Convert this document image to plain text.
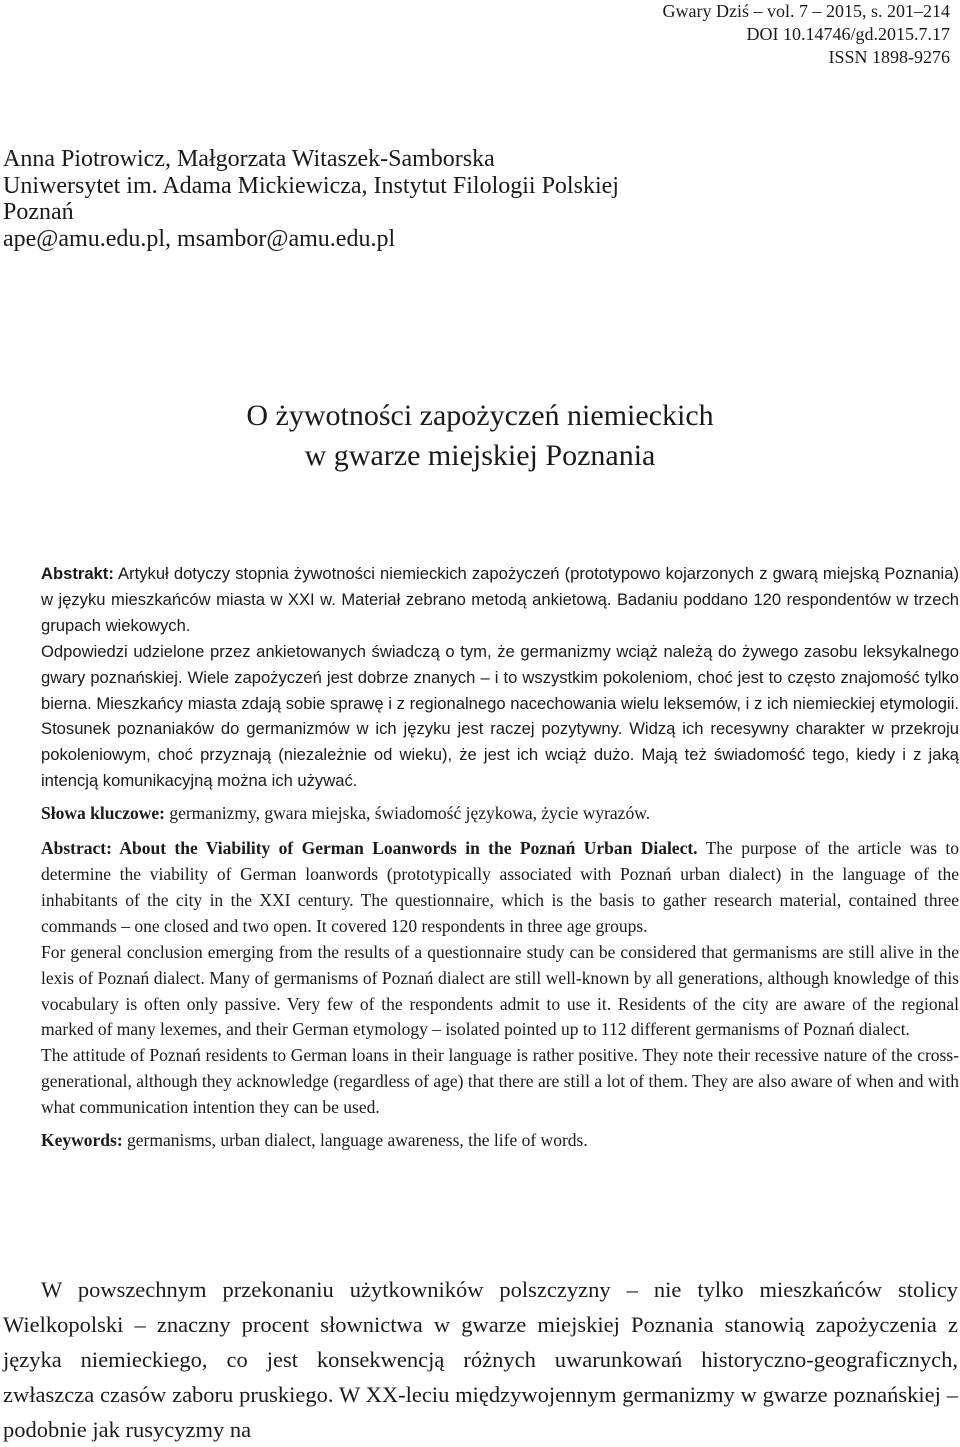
Gwary Dziś – vol. 7 – 2015, s. 201–214
DOI 10.14746/gd.2015.7.17
ISSN 1898-9276
Anna Piotrowicz, Małgorzata Witaszek-Samborska
Uniwersytet im. Adama Mickiewicza, Instytut Filologii Polskiej
Poznań
ape@amu.edu.pl, msambor@amu.edu.pl
O żywotności zapożyczeń niemieckich
w gwarze miejskiej Poznania

Abstrakt: Artykuł dotyczy stopnia żywotności niemieckich zapożyczeń (prototypowo kojarzonych z gwarą miejską Poznania) w języku mieszkańców miasta w XXI w. Materiał zebrano metodą ankietową. Badaniu poddano 120 respondentów w trzech grupach wiekowych.

Odpowiedzi udzielone przez ankietowanych świadczą o tym, że germanizmy wciąż należą do żywego zasobu leksykalnego gwary poznańskiej. Wiele zapożyczeń jest dobrze znanych – i to wszystkim pokoleniom, choć jest to często znajomość tylko bierna. Mieszkańcy miasta zdają sobie sprawę i z regionalnego nacechowania wielu leksemów, i z ich niemieckiej etymologii. Stosunek poznaniaków do germanizmów w ich języku jest raczej pozytywny. Widzą ich recesywny charakter w przekroju pokoleniowym, choć przyznają (niezależnie od wieku), że jest ich wciąż dużo. Mają też świadomość tego, kiedy i z jaką intencją komunikacyjną można ich używać.

Słowa kluczowe: germanizmy, gwara miejska, świadomość językowa, życie wyrazów.

Abstract: About the Viability of German Loanwords in the Poznań Urban Dialect. The purpose of the article was to determine the viability of German loanwords (prototypically associated with Poznań urban dialect) in the language of the inhabitants of the city in the XXI century. The questionnaire, which is the basis to gather research material, contained three commands – one closed and two open. It covered 120 respondents in three age groups.

For general conclusion emerging from the results of a questionnaire study can be considered that germanisms are still alive in the lexis of Poznań dialect. Many of germanisms of Poznań dialect are still well-known by all generations, although knowledge of this vocabulary is often only passive. Very few of the respondents admit to use it. Residents of the city are aware of the regional marked of many lexemes, and their German etymology – isolated pointed up to 112 different germanisms of Poznań dialect.

The attitude of Poznań residents to German loans in their language is rather positive. They note their recessive nature of the cross-generational, although they acknowledge (regardless of age) that there are still a lot of them. They are also aware of when and with what communication intention they can be used.

Keywords: germanisms, urban dialect, language awareness, the life of words.

W powszechnym przekonaniu użytkowników polszczyzny – nie tylko mieszkańców stolicy Wielkopolski – znaczny procent słownictwa w gwarze miejskiej Poznania stanowią zapożyczenia z języka niemieckiego, co jest konsekwencją różnych uwarunkowań historyczno-geograficznych, zwłaszcza czasów zaboru pruskiego. W XX-leciu międzywojennym germanizmy w gwarze poznańskiej – podobnie jak rusycyzmy na
